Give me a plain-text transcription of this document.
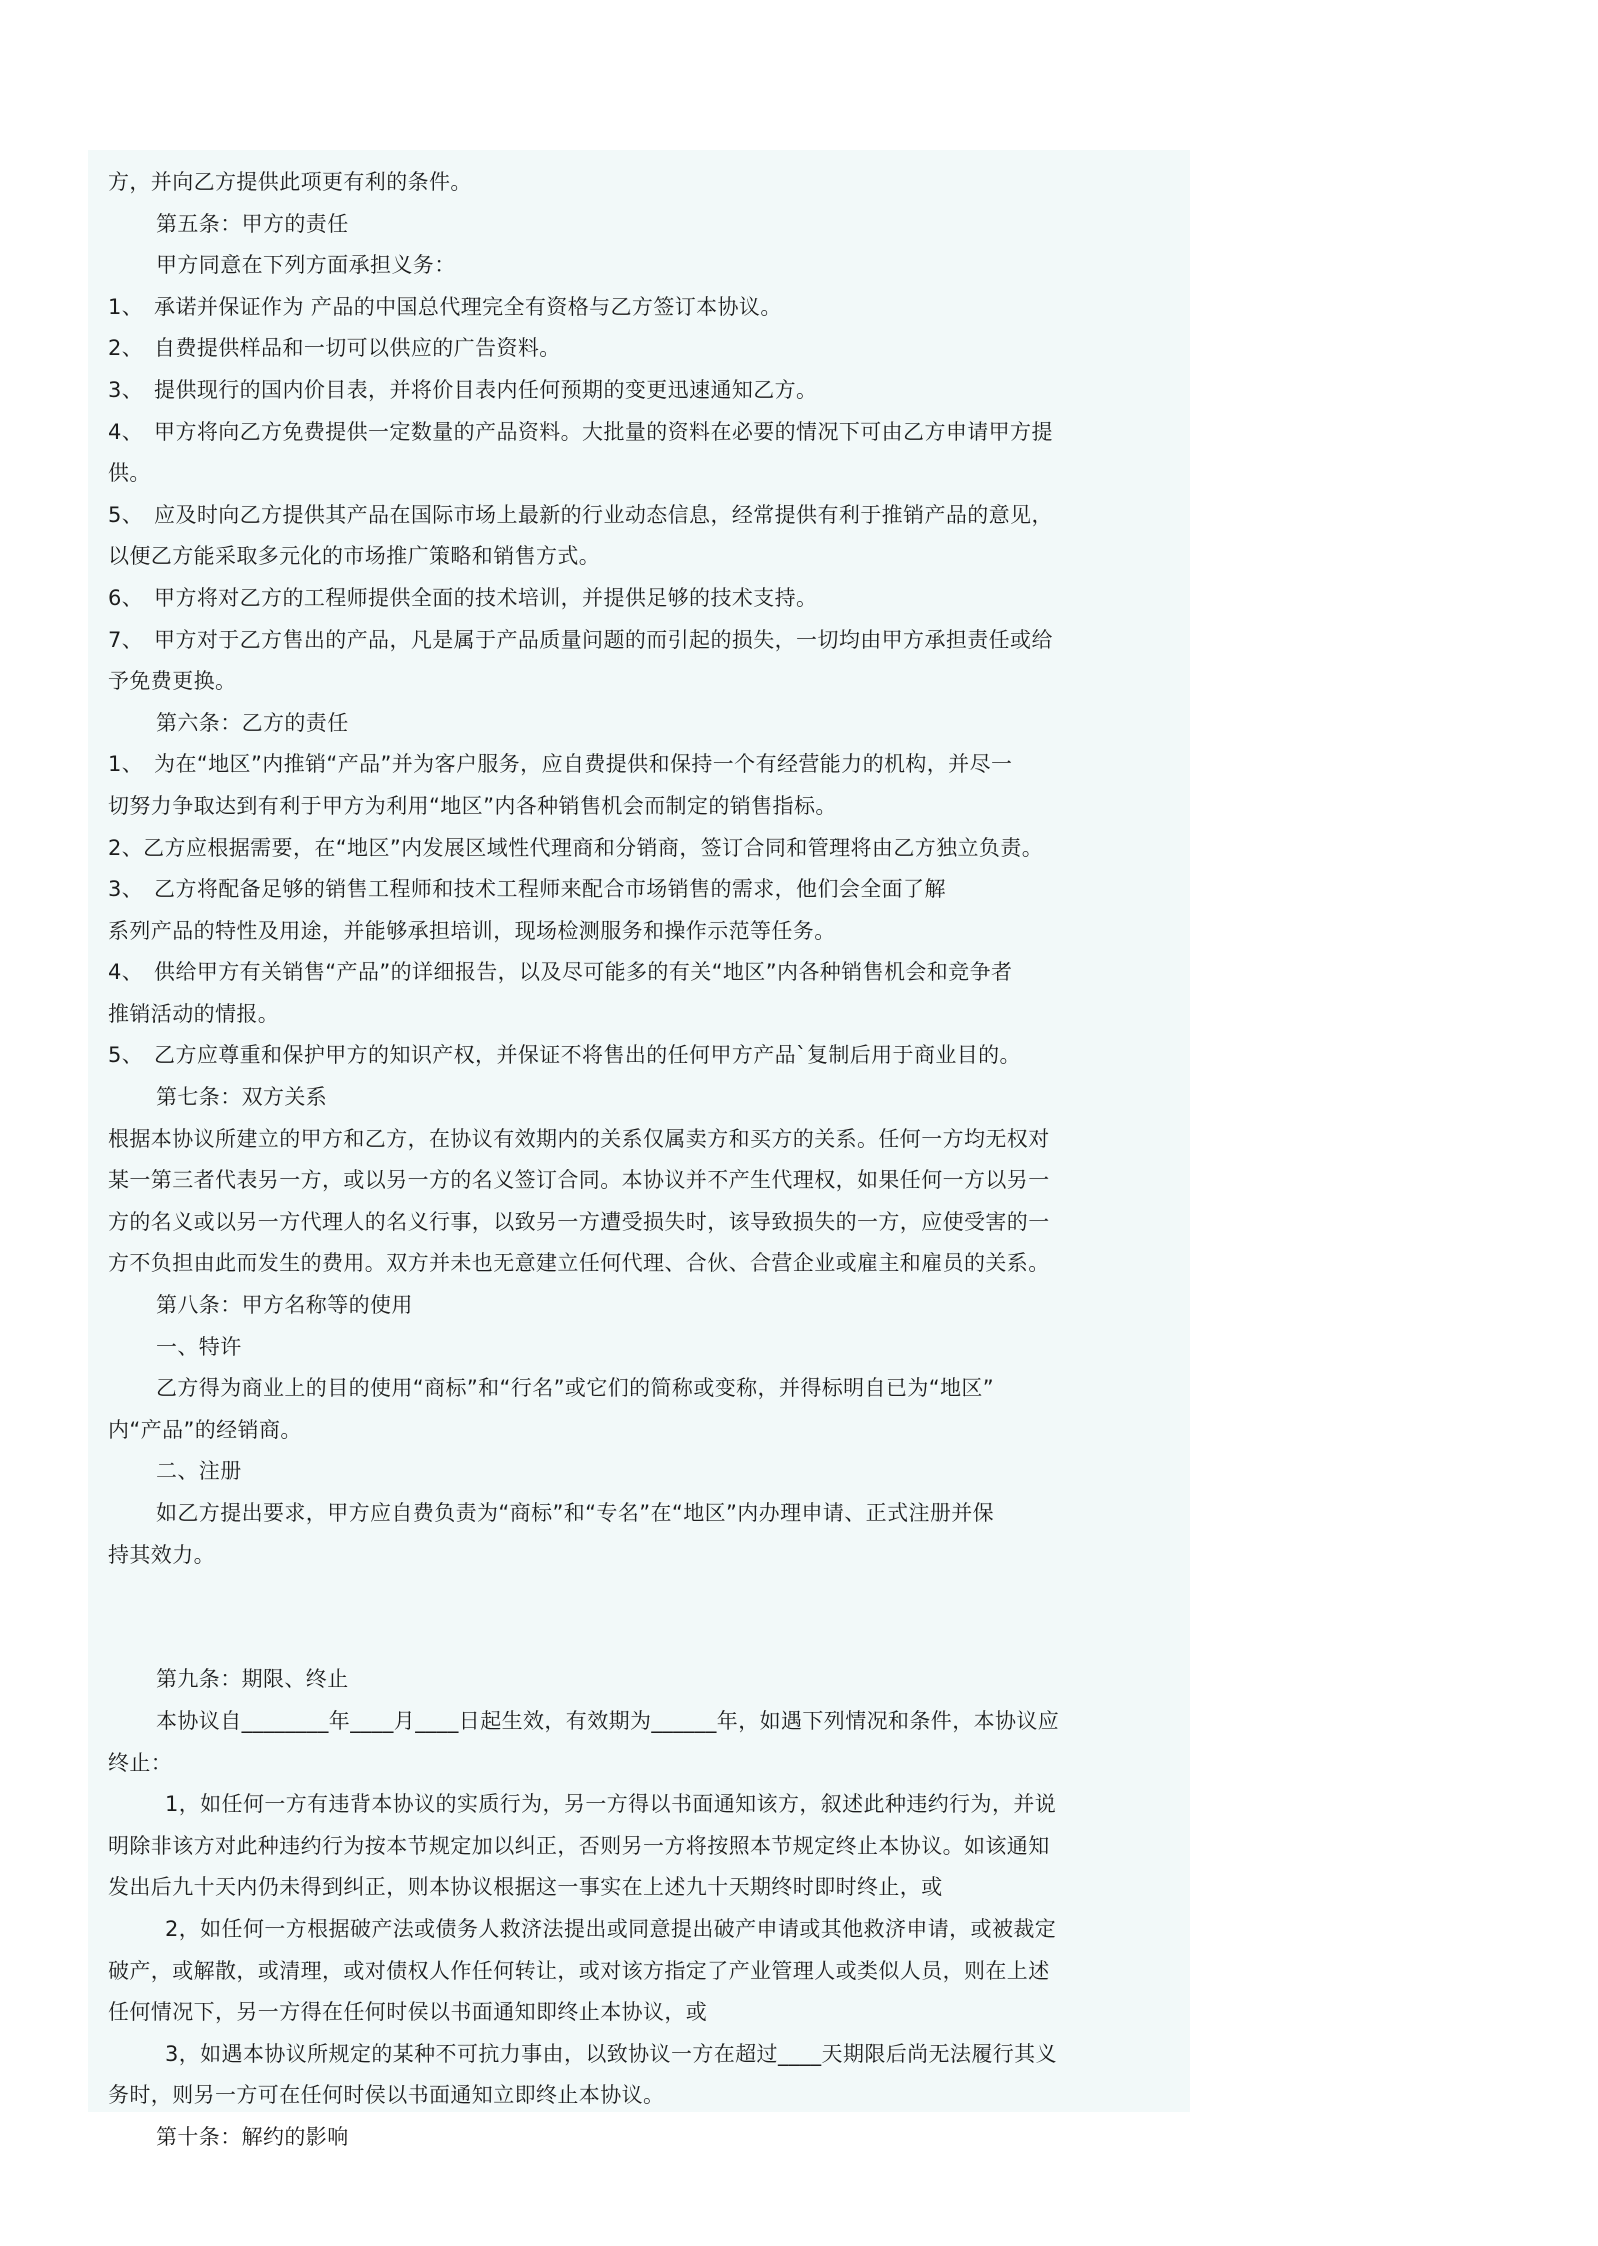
方，并向乙方提供此项更有利的条件。
第五条：甲方的责任
甲方同意在下列方面承担义务：
1、　承诺并保证作为 产品的中国总代理完全有资格与乙方签订本协议。
2、　自费提供样品和一切可以供应的广告资料。
3、　提供现行的国内价目表，并将价目表内任何预期的变更迅速通知乙方。
4、　甲方将向乙方免费提供一定数量的产品资料。大批量的资料在必要的情况下可由乙方申请甲方提
供。
5、　应及时向乙方提供其产品在国际市场上最新的行业动态信息，经常提供有利于推销产品的意见，
以便乙方能采取多元化的市场推广策略和销售方式。
6、　甲方将对乙方的工程师提供全面的技术培训，并提供足够的技术支持。
7、　甲方对于乙方售出的产品，凡是属于产品质量问题的而引起的损失，一切均由甲方承担责任或给
予免费更换。
第六条：乙方的责任
1、　为在“地区”内推销“产品”并为客户服务，应自费提供和保持一个有经营能力的机构，并尽一
切努力争取达到有利于甲方为利用“地区”内各种销售机会而制定的销售指标。
2、乙方应根据需要，在“地区”内发展区域性代理商和分销商，签订合同和管理将由乙方独立负责。
3、　乙方将配备足够的销售工程师和技术工程师来配合市场销售的需求，他们会全面了解
系列产品的特性及用途，并能够承担培训，现场检测服务和操作示范等任务。
4、　供给甲方有关销售“产品”的详细报告，以及尽可能多的有关“地区”内各种销售机会和竞争者
推销活动的情报。
5、　乙方应尊重和保护甲方的知识产权，并保证不将售出的任何甲方产品`复制后用于商业目的。
第七条：双方关系
根据本协议所建立的甲方和乙方，在协议有效期内的关系仅属卖方和买方的关系。任何一方均无权对
某一第三者代表另一方，或以另一方的名义签订合同。本协议并不产生代理权，如果任何一方以另一
方的名义或以另一方代理人的名义行事，以致另一方遭受损失时，该导致损失的一方，应使受害的一
方不负担由此而发生的费用。双方并未也无意建立任何代理、合伙、合营企业或雇主和雇员的关系。
第八条：甲方名称等的使用
一、特许
乙方得为商业上的目的使用“商标”和“行名”或它们的简称或变称，并得标明自已为“地区”
内“产品”的经销商。
二、注册
如乙方提出要求，甲方应自费负责为“商标”和“专名”在“地区”内办理申请、正式注册并保
持其效力。
第九条：期限、终止
本协议自________年____月____日起生效，有效期为______年，如遇下列情况和条件，本协议应
终止：
1，如任何一方有违背本协议的实质行为，另一方得以书面通知该方，叙述此种违约行为，并说
明除非该方对此种违约行为按本节规定加以纠正，否则另一方将按照本节规定终止本协议。如该通知
发出后九十天内仍未得到纠正，则本协议根据这一事实在上述九十天期终时即时终止，或
2，如任何一方根据破产法或债务人救济法提出或同意提出破产申请或其他救济申请，或被裁定
破产，或解散，或清理，或对债权人作任何转让，或对该方指定了产业管理人或类似人员，则在上述
任何情况下，另一方得在任何时侯以书面通知即终止本协议，或
3，如遇本协议所规定的某种不可抗力事由，以致协议一方在超过____天期限后尚无法履行其义
务时，则另一方可在任何时侯以书面通知立即终止本协议。
第十条：解约的影响
